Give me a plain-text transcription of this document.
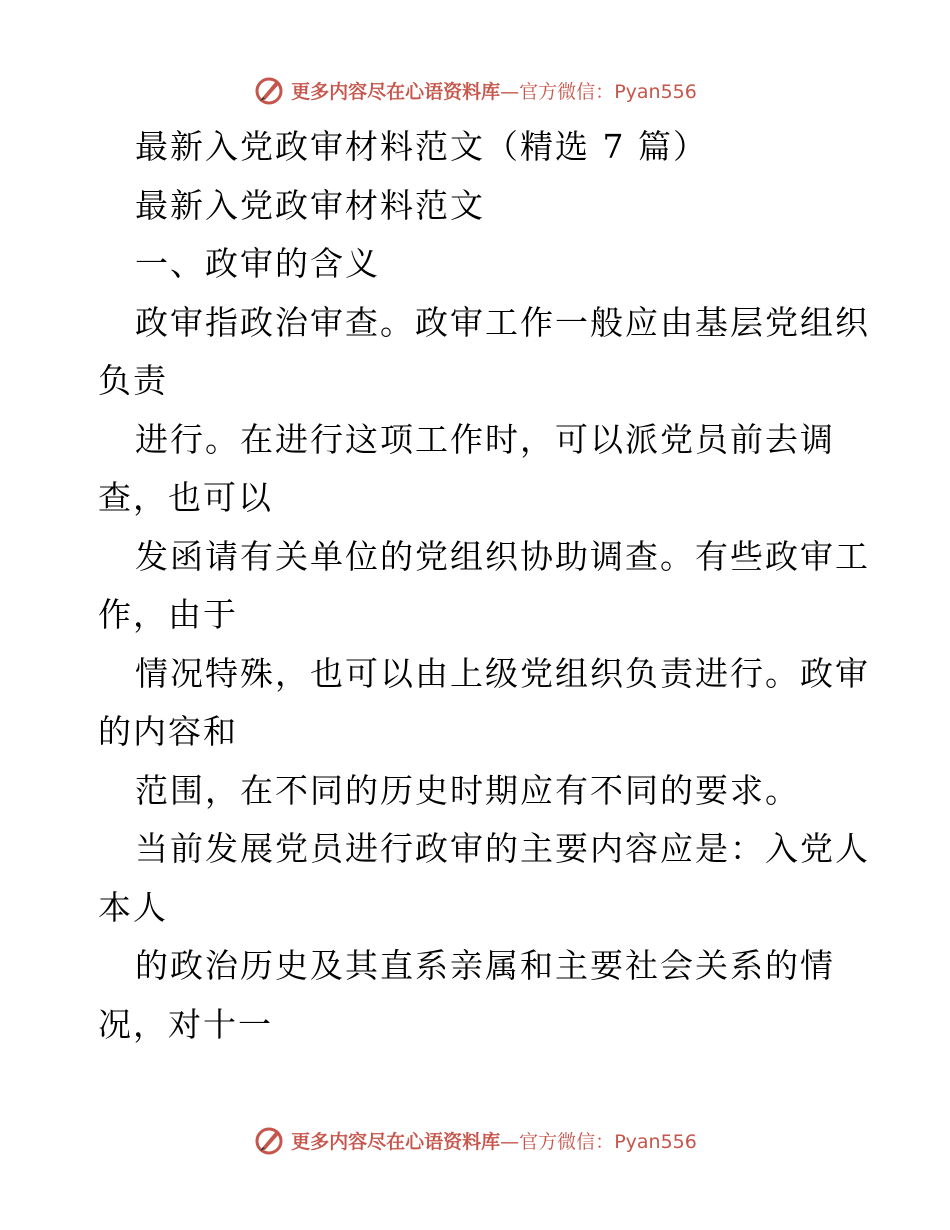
更多内容尽在心语资料库—官方微信：Pyan556
最新入党政审材料范文（精选 7 篇）
最新入党政审材料范文
一、政审的含义
政审指政治审查。政审工作一般应由基层党组织
负责
进行。在进行这项工作时，可以派党员前去调
查，也可以
发函请有关单位的党组织协助调查。有些政审工
作，由于
情况特殊，也可以由上级党组织负责进行。政审
的内容和
范围，在不同的历史时期应有不同的要求。
当前发展党员进行政审的主要内容应是：入党人
本人
的政治历史及其直系亲属和主要社会关系的情
况，对十一
更多内容尽在心语资料库—官方微信：Pyan556
